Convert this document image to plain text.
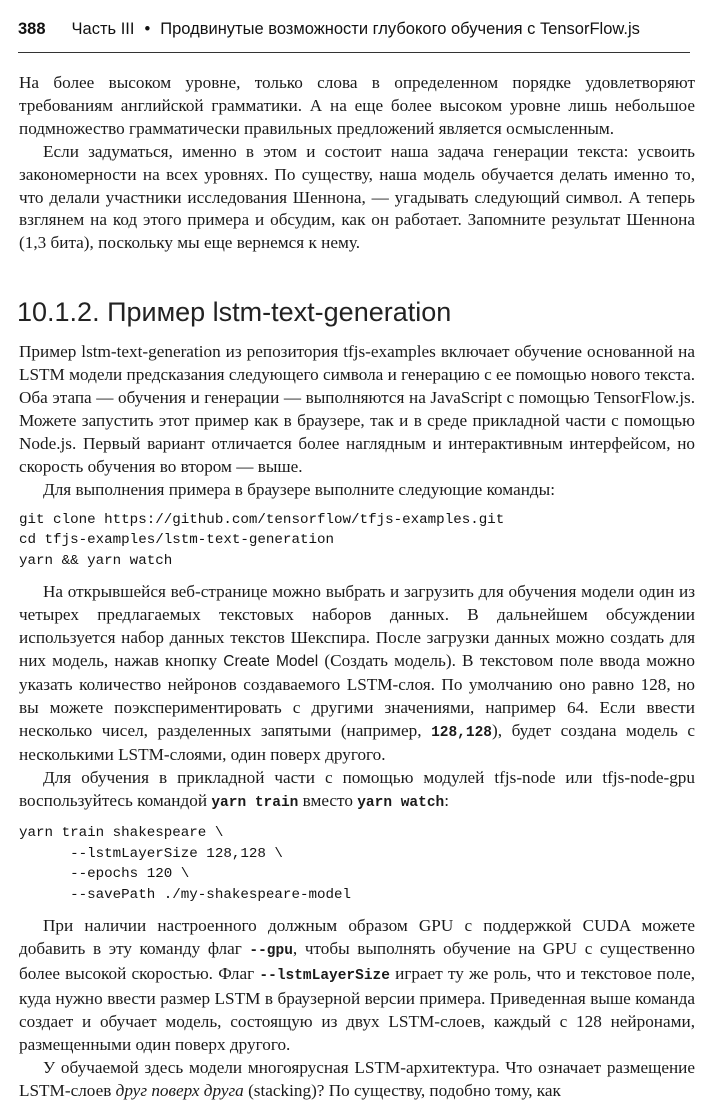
388 Часть III • Продвинутые возможности глубокого обучения с TensorFlow.js

На более высоком уровне, только слова в определенном порядке удовлетворяют требованиям английской грамматики. А на еще более высоком уровне лишь небольшое подмножество грамматически правильных предложений является осмысленным.

Если задуматься, именно в этом и состоит наша задача генерации текста: усвоить закономерности на всех уровнях. По существу, наша модель обучается делать именно то, что делали участники исследования Шеннона, — угадывать следующий символ. А теперь взглянем на код этого примера и обсудим, как он работает. Запомните результат Шеннона (1,3 бита), поскольку мы еще вернемся к нему.

10.1.2. Пример lstm-text-generation

Пример lstm-text-generation из репозитория tfjs-examples включает обучение основанной на LSTM модели предсказания следующего символа и генерацию с ее помощью нового текста. Оба этапа — обучения и генерации — выполняются на JavaScript с помощью TensorFlow.js. Можете запустить этот пример как в браузере, так и в среде прикладной части с помощью Node.js. Первый вариант отличается более наглядным и интерактивным интерфейсом, но скорость обучения во втором — выше.

Для выполнения примера в браузере выполните следующие команды:

git clone https://github.com/tensorflow/tfjs-examples.git
cd tfjs-examples/lstm-text-generation
yarn && yarn watch

На открывшейся веб-странице можно выбрать и загрузить для обучения модели один из четырех предлагаемых текстовых наборов данных. В дальнейшем обсуждении используется набор данных текстов Шекспира. После загрузки данных можно создать для них модель, нажав кнопку Create Model (Создать модель). В текстовом поле ввода можно указать количество нейронов создаваемого LSTM-слоя. По умолчанию оно равно 128, но вы можете поэкспериментировать с другими значениями, например 64. Если ввести несколько чисел, разделенных запятыми (например, 128,128), будет создана модель с несколькими LSTM-слоями, один поверх другого.

Для обучения в прикладной части с помощью модулей tfjs-node или tfjs-node-gpu воспользуйтесь командой yarn train вместо yarn watch:

yarn train shakespeare \
--lstmLayerSize 128,128 \
--epochs 120 \
--savePath ./my-shakespeare-model

При наличии настроенного должным образом GPU с поддержкой CUDA можете добавить в эту команду флаг --gpu, чтобы выполнять обучение на GPU с существенно более высокой скоростью. Флаг --lstmLayerSize играет ту же роль, что и текстовое поле, куда нужно ввести размер LSTM в браузерной версии примера. Приведенная выше команда создает и обучает модель, состоящую из двух LSTM-слоев, каждый с 128 нейронами, размещенными один поверх другого.

У обучаемой здесь модели многоярусная LSTM-архитектура. Что означает размещение LSTM-слоев друг поверх друга (stacking)? По существу, подобно тому, как
